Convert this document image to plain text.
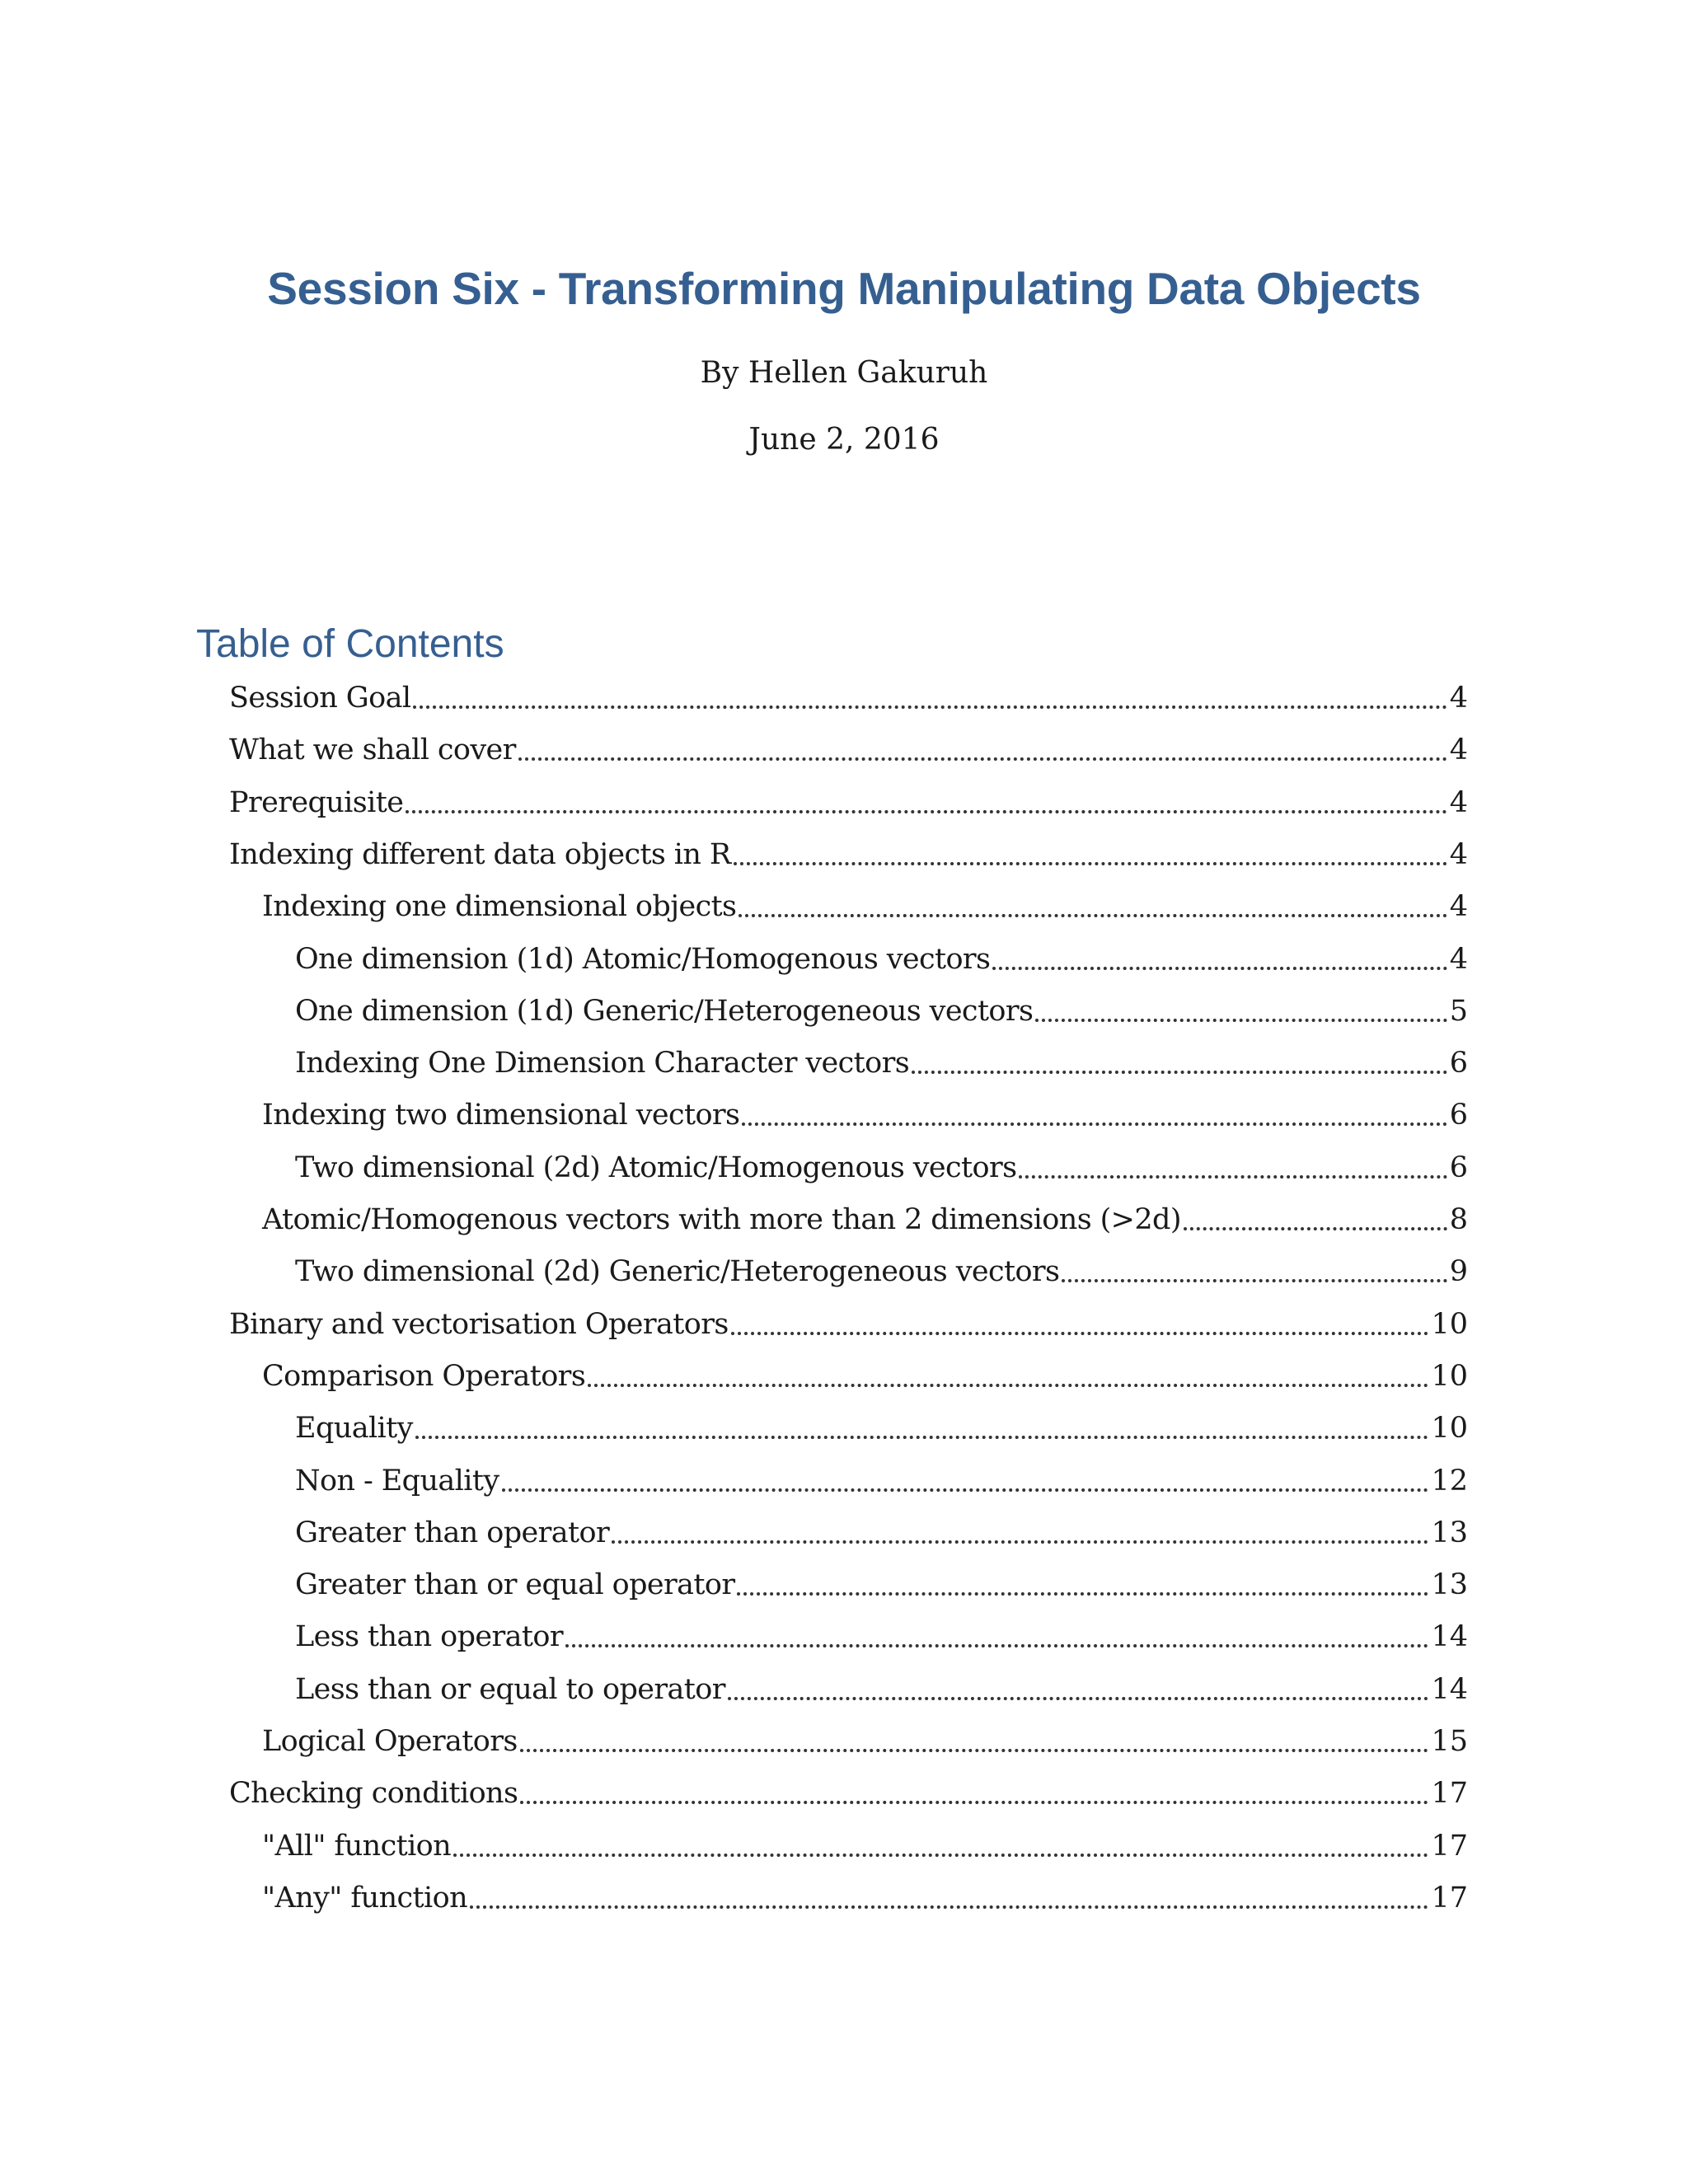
Session Six - Transforming Manipulating Data Objects
By Hellen Gakuruh
June 2, 2016
Table of Contents
Session Goal	4
What we shall cover	4
Prerequisite	4
Indexing different data objects in R	4
Indexing one dimensional objects	4
One dimension (1d) Atomic/Homogenous vectors	4
One dimension (1d) Generic/Heterogeneous vectors	5
Indexing One Dimension Character vectors	6
Indexing two dimensional vectors	6
Two dimensional (2d) Atomic/Homogenous vectors	6
Atomic/Homogenous vectors with more than 2 dimensions (>2d)	8
Two dimensional (2d) Generic/Heterogeneous vectors	9
Binary and vectorisation Operators	10
Comparison Operators	10
Equality	10
Non - Equality	12
Greater than operator	13
Greater than or equal operator	13
Less than operator	14
Less than or equal to operator	14
Logical Operators	15
Checking conditions	17
"All" function	17
"Any" function	17
